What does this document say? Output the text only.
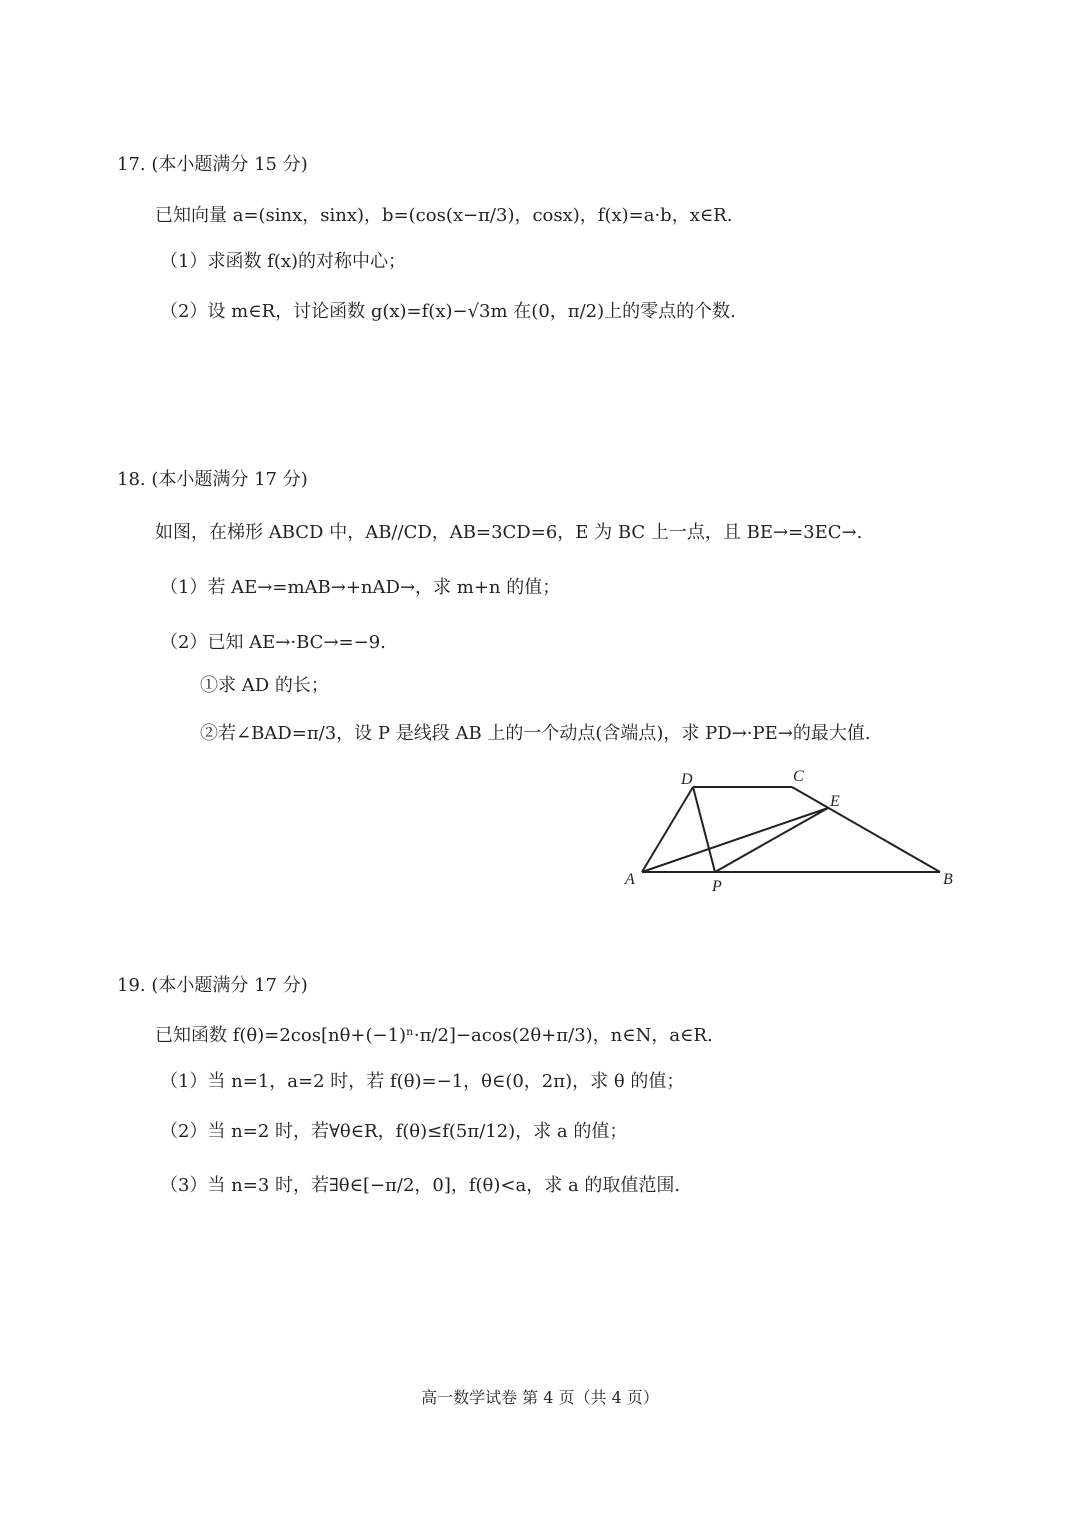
17. (本小题满分 15 分)
已知向量 a=(sinx，sinx)，b=(cos(x−π/3)，cosx)，f(x)=a·b，x∈R.
（1）求函数 f(x)的对称中心；
（2）设 m∈R，讨论函数 g(x)=f(x)−√3m 在(0，π/2)上的零点的个数.
18. (本小题满分 17 分)
如图，在梯形 ABCD 中，AB//CD，AB=3CD=6，E 为 BC 上一点，且 BE→=3EC→.
（1）若 AE→=mAB→+nAD→，求 m+n 的值；
（2）已知 AE→·BC→=−9.
①求 AD 的长；
②若∠BAD=π/3，设 P 是线段 AB 上的一个动点(含端点)，求 PD→·PE→的最大值.
A	B
C
D
E
P
19. (本小题满分 17 分)
已知函数 f(θ)=2cos[nθ+(−1)ⁿ·π/2]−acos(2θ+π/3)，n∈N，a∈R.
（1）当 n=1，a=2 时，若 f(θ)=−1，θ∈(0，2π)，求 θ 的值；
（2）当 n=2 时，若∀θ∈R，f(θ)≤f(5π/12)，求 a 的值；
（3）当 n=3 时，若∃θ∈[−π/2，0]，f(θ)<a，求 a 的取值范围.
高一数学试卷 第 4 页（共 4 页）
